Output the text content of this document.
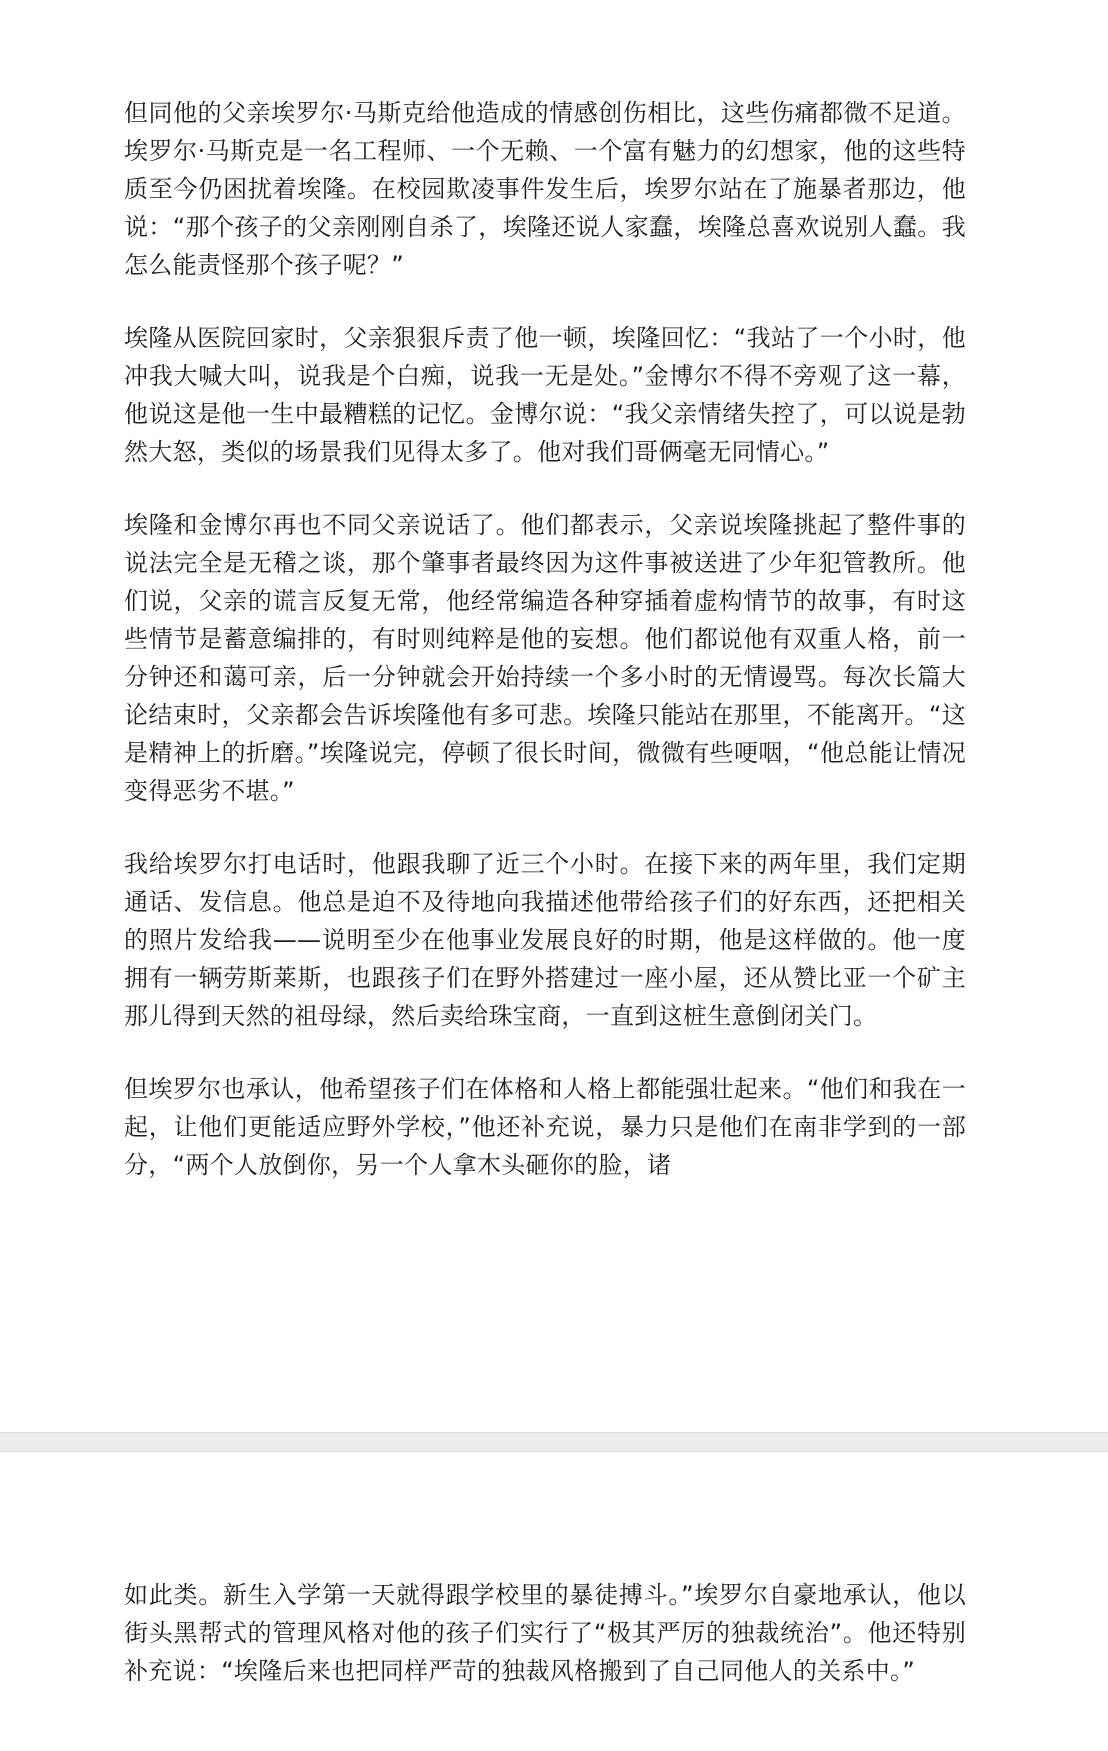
但同他的父亲埃罗尔·马斯克给他造成的情感创伤相比，这些伤痛都微不足道。埃罗尔·马斯克是一名工程师、一个无赖、一个富有魅力的幻想家，他的这些特质至今仍困扰着埃隆。在校园欺凌事件发生后，埃罗尔站在了施暴者那边，他说：“那个孩子的父亲刚刚自杀了，埃隆还说人家蠢，埃隆总喜欢说别人蠢。我怎么能责怪那个孩子呢？”

埃隆从医院回家时，父亲狠狠斥责了他一顿，埃隆回忆：“我站了一个小时，他冲我大喊大叫，说我是个白痴，说我一无是处。”金博尔不得不旁观了这一幕，他说这是他一生中最糟糕的记忆。金博尔说：“我父亲情绪失控了，可以说是勃然大怒，类似的场景我们见得太多了。他对我们哥俩毫无同情心。”

埃隆和金博尔再也不同父亲说话了。他们都表示，父亲说埃隆挑起了整件事的说法完全是无稽之谈，那个肇事者最终因为这件事被送进了少年犯管教所。他们说，父亲的谎言反复无常，他经常编造各种穿插着虚构情节的故事，有时这些情节是蓄意编排的，有时则纯粹是他的妄想。他们都说他有双重人格，前一分钟还和蔼可亲，后一分钟就会开始持续一个多小时的无情谩骂。每次长篇大论结束时，父亲都会告诉埃隆他有多可悲。埃隆只能站在那里，不能离开。“这是精神上的折磨。”埃隆说完，停顿了很长时间，微微有些哽咽，“他总能让情况变得恶劣不堪。”

我给埃罗尔打电话时，他跟我聊了近三个小时。在接下来的两年里，我们定期通话、发信息。他总是迫不及待地向我描述他带给孩子们的好东西，还把相关的照片发给我——说明至少在他事业发展良好的时期，他是这样做的。他一度拥有一辆劳斯莱斯，也跟孩子们在野外搭建过一座小屋，还从赞比亚一个矿主那儿得到天然的祖母绿，然后卖给珠宝商，一直到这桩生意倒闭关门。

但埃罗尔也承认，他希望孩子们在体格和人格上都能强壮起来。“他们和我在一起，让他们更能适应野外学校，”他还补充说，暴力只是他们在南非学到的一部分，“两个人放倒你，另一个人拿木头砸你的脸，诸

如此类。新生入学第一天就得跟学校里的暴徒搏斗。”埃罗尔自豪地承认，他以街头黑帮式的管理风格对他的孩子们实行了“极其严厉的独裁统治”。他还特别补充说：“埃隆后来也把同样严苛的独裁风格搬到了自己同他人的关系中。”
